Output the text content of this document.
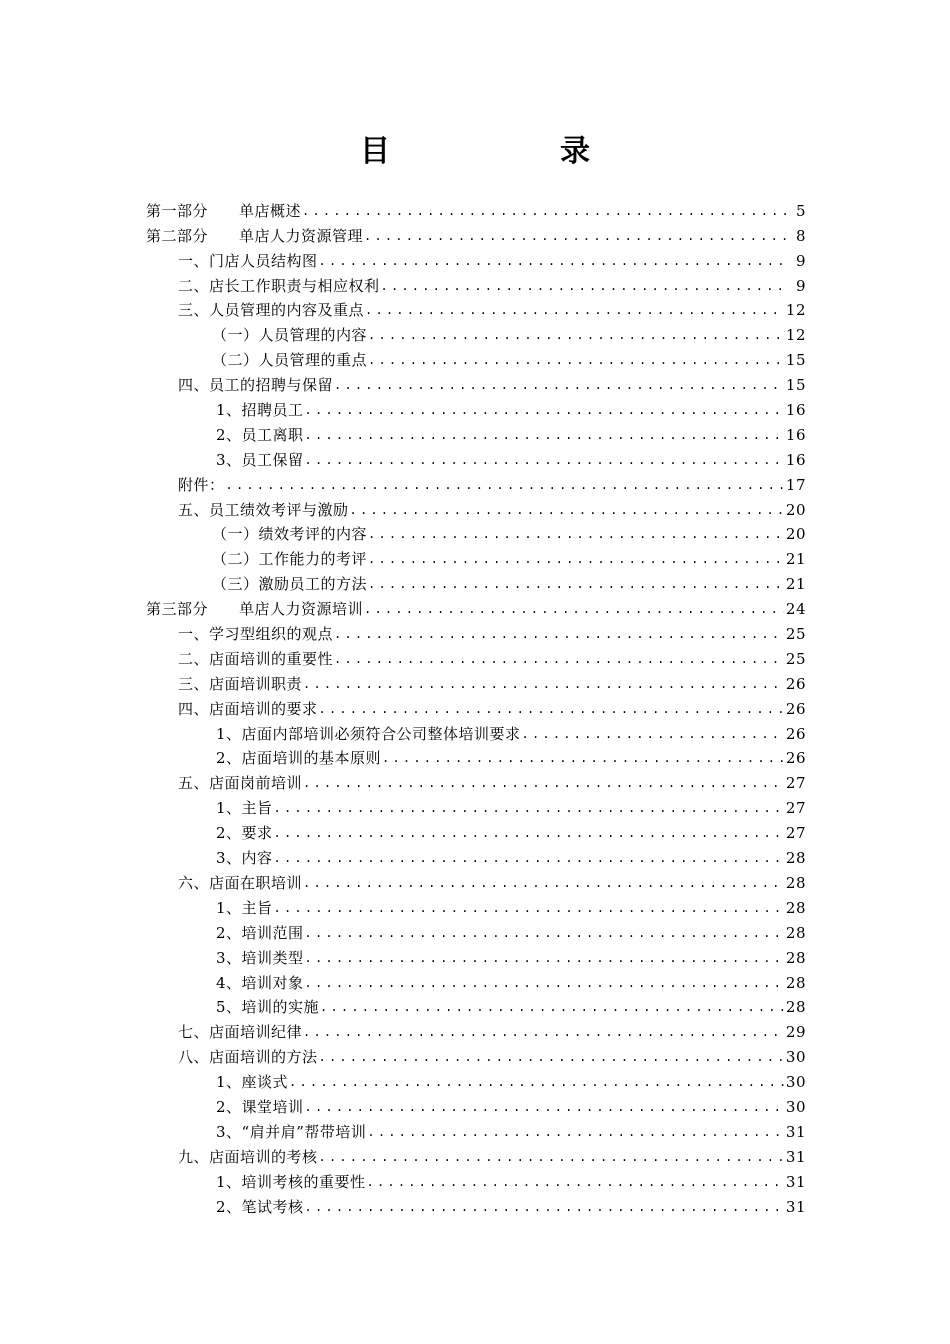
目　录
第一部分　　单店概述 .....	5
第二部分　　单店人力资源管理 .....	8
一、门店人员结构图 .....	9
二、店长工作职责与相应权利 .....	9
三、人员管理的内容及重点 .....	12
（一）人员管理的内容 .....	12
（二）人员管理的重点 .....	15
四、员工的招聘与保留 .....	15
1、招聘员工 .....	16
2、员工离职 .....	16
3、员工保留 .....	16
附件： .....	17
五、员工绩效考评与激励 .....	20
（一）绩效考评的内容 .....	20
（二）工作能力的考评 .....	21
（三）激励员工的方法 .....	21
第三部分　　单店人力资源培训 .....	24
一、学习型组织的观点 .....	25
二、店面培训的重要性 .....	25
三、店面培训职责 .....	26
四、店面培训的要求 .....	26
1、店面内部培训必须符合公司整体培训要求 .....	26
2、店面培训的基本原则 .....	26
五、店面岗前培训 .....	27
1、主旨 .....	27
2、要求 .....	27
3、内容 .....	28
六、店面在职培训 .....	28
1、主旨 .....	28
2、培训范围 .....	28
3、培训类型 .....	28
4、培训对象 .....	28
5、培训的实施 .....	28
七、店面培训纪律 .....	29
八、店面培训的方法 .....	30
1、座谈式 .....	30
2、课堂培训 .....	30
3、“肩并肩”帮带培训 .....	31
九、店面培训的考核 .....	31
1、培训考核的重要性 .....	31
2、笔试考核 .....	31
